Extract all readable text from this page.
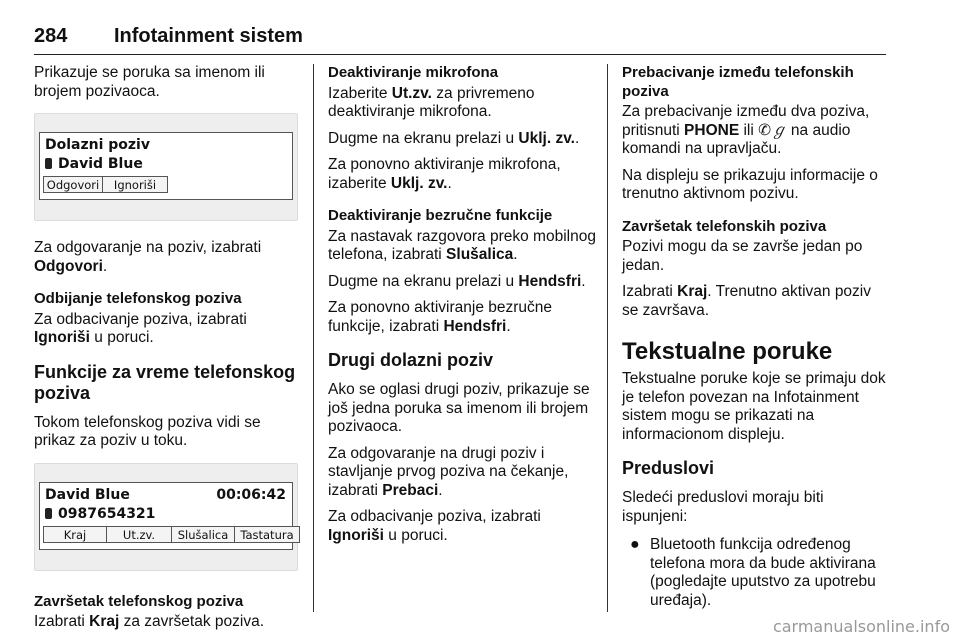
284 Infotainment sistem

Prikazuje se poruka sa imenom ili brojem pozivaoca.

Dolazni poziv
David Blue
Odgovori	Ignoriši

Za odgovaranje na poziv, izabrati Odgovori.

Odbijanje telefonskog poziva

Za odbacivanje poziva, izabrati Ignoriši u poruci.

Funkcije za vreme telefonskog poziva

Tokom telefonskog poziva vidi se prikaz za poziv u toku.

David Blue	00:06:42
0987654321
Kraj	Ut.zv.	Slušalica	Tastatura
Završetak telefonskog poziva

Izabrati Kraj za završetak poziva.

Deaktiviranje mikrofona

Izaberite Ut.zv. za privremeno deaktiviranje mikrofona.

Dugme na ekranu prelazi u Uklj. zv..

Za ponovno aktiviranje mikrofona, izaberite Uklj. zv..

Deaktiviranje bezručne funkcije

Za nastavak razgovora preko mobilnog telefona, izabrati Slušalica.

Dugme na ekranu prelazi u Hendsfri.

Za ponovno aktiviranje bezručne funkcije, izabrati Hendsfri.

Drugi dolazni poziv

Ako se oglasi drugi poziv, prikazuje se još jedna poruka sa imenom ili brojem pozivaoca.

Za odgovaranje na drugi poziv i stavljanje prvog poziva na čekanje, izabrati Prebaci.

Za odbacivanje poziva, izabrati Ignoriši u poruci.

Prebacivanje između telefonskih poziva

Za prebacivanje između dva poziva, pritisnuti PHONE ili ✆ℊ na audio komandi na upravljaču.

Na displeju se prikazuju informacije o trenutno aktivnom pozivu.

Završetak telefonskih poziva

Pozivi mogu da se završe jedan po jedan.

Izabrati Kraj. Trenutno aktivan poziv se završava.

Tekstualne poruke

Tekstualne poruke koje se primaju dok je telefon povezan na Infotainment sistem mogu se prikazati na informacionom displeju.

Preduslovi

Sledeći preduslovi moraju biti ispunjeni:

● Bluetooth funkcija određenog telefona mora da bude aktivirana (pogledajte uputstvo za upotrebu uređaja).
carmanualsonline.info
